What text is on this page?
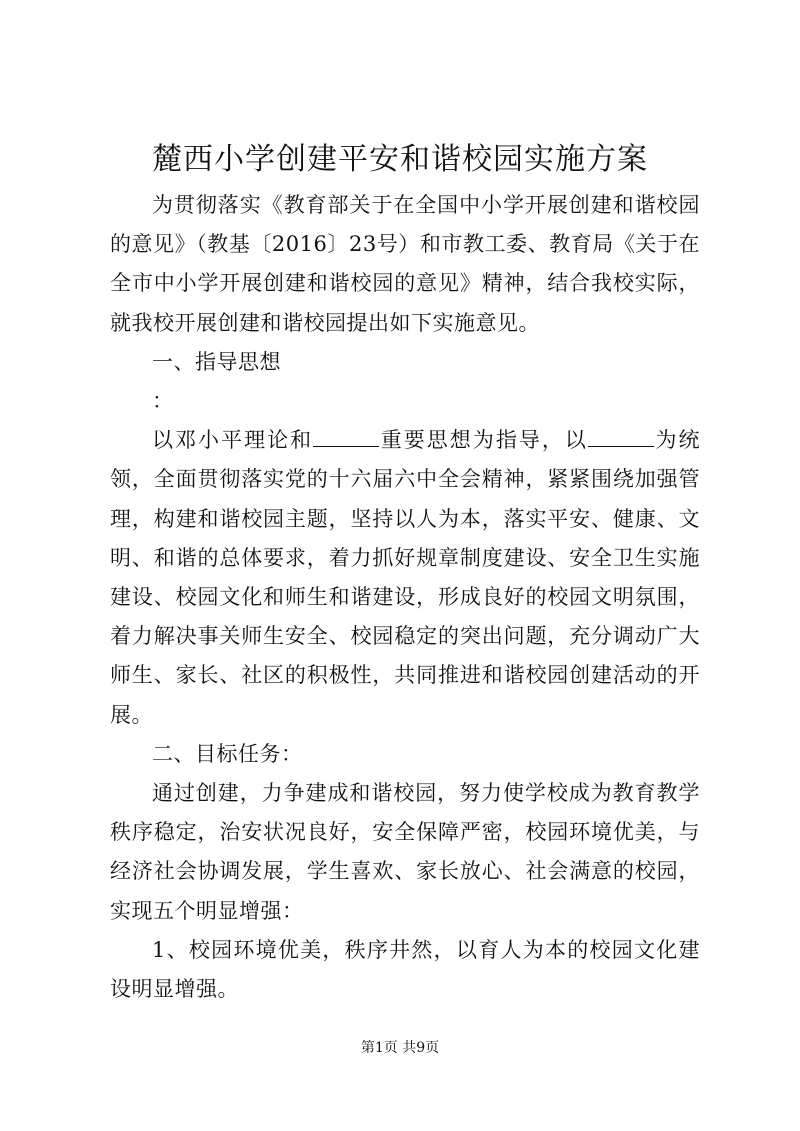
麓西小学创建平安和谐校园实施方案

为贯彻落实《教育部关于在全国中小学开展创建和谐校园的意见》（教基〔2016〕23号）和市教工委、教育局《关于在全市中小学开展创建和谐校园的意见》精神，结合我校实际，就我校开展创建和谐校园提出如下实施意见。

一、指导思想

：

以邓小平理论和	重要思想为指导，以	为统领，全面贯彻落实党的十六届六中全会精神，紧紧围绕加强管理，构建和谐校园主题，坚持以人为本，落实平安、健康、文明、和谐的总体要求，着力抓好规章制度建设、安全卫生实施建设、校园文化和师生和谐建设，形成良好的校园文明氛围，着力解决事关师生安全、校园稳定的突出问题，充分调动广大师生、家长、社区的积极性，共同推进和谐校园创建活动的开展。

二、目标任务：

通过创建，力争建成和谐校园，努力使学校成为教育教学秩序稳定，治安状况良好，安全保障严密，校园环境优美，与经济社会协调发展，学生喜欢、家长放心、社会满意的校园，实现五个明显增强：

1、校园环境优美，秩序井然，以育人为本的校园文化建设明显增强。

第1页 共9页
